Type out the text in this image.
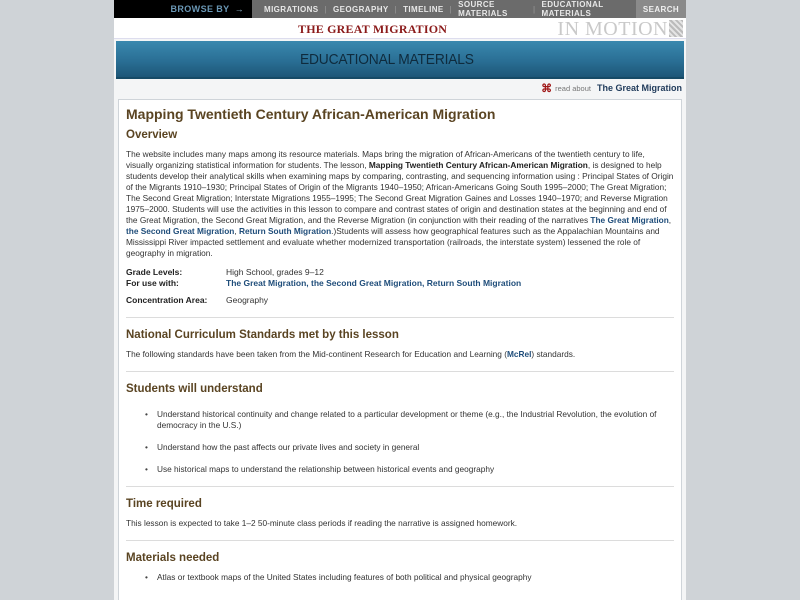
BROWSE BY →	MIGRATIONS | GEOGRAPHY | TIMELINE | SOURCE MATERIALS	| EDUCATIONAL MATERIALS	SEARCH
THE GREAT MIGRATION	IN MOTION
EDUCATIONAL MATERIALS
⌘ read about The Great Migration
Mapping Twentieth Century African-American Migration
Overview

The website includes many maps among its resource materials. Maps bring the migration of African-Americans of the twentieth century to life, visually organizing statistical information for students. The lesson, Mapping Twentieth Century African-American Migration, is designed to help students develop their analytical skills when examining maps by comparing, contrasting, and sequencing information using : Principal States of Origin of the Migrants 1910–1930; Principal States of Origin of the Migrants 1940–1950; African-Americans Going South 1995–2000; The Great Migration; The Second Great Migration; Interstate Migrations 1955–1995; The Second Great Migration Gaines and Losses 1940–1970; and Reverse Migration 1975–2000. Students will use the activities in this lesson to compare and contrast states of origin and destination states at the beginning and end of the Great Migration, the Second Great Migration, and the Reverse Migration (in conjunction with their reading of the narratives The Great Migration, the Second Great Migration, Return South Migration.)Students will assess how geographical features such as the Appalachian Mountains and Mississippi River impacted settlement and evaluate whether modernized transportation (railroads, the interstate system) lessened the role of geography in migration.

Grade Levels:	High School, grades 9–12
For use with:	The Great Migration, the Second Great Migration, Return South Migration
Concentration Area:	Geography
National Curriculum Standards met by this lesson

The following standards have been taken from the Mid-continent Research for Education and Learning (McRel) standards.

Students will understand
• Understand historical continuity and change related to a particular development or theme (e.g., the Industrial Revolution, the evolution of democracy in the U.S.)
• Understand how the past affects our private lives and society in general
• Use historical maps to understand the relationship between historical events and geography
Time required

This lesson is expected to take 1–2 50-minute class periods if reading the narrative is assigned homework.

Materials needed
• Atlas or textbook maps of the United States including features of both political and physical geography
